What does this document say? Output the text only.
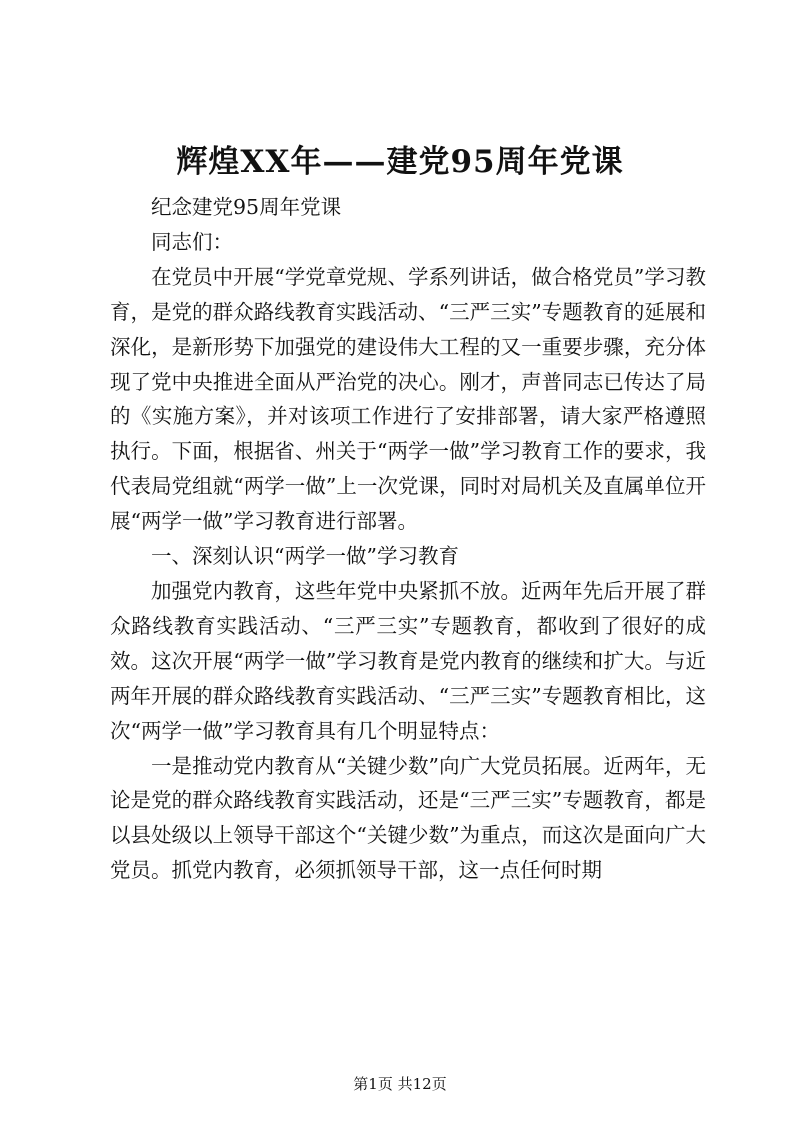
辉煌XX年——建党95周年党课

纪念建党95周年党课

同志们：

在党员中开展“学党章党规、学系列讲话，做合格党员”学习教育，是党的群众路线教育实践活动、“三严三实”专题教育的延展和深化，是新形势下加强党的建设伟大工程的又一重要步骤，充分体现了党中央推进全面从严治党的决心。刚才，声普同志已传达了局的《实施方案》，并对该项工作进行了安排部署，请大家严格遵照执行。下面，根据省、州关于“两学一做”学习教育工作的要求，我代表局党组就“两学一做”上一次党课，同时对局机关及直属单位开展“两学一做”学习教育进行部署。

一、深刻认识“两学一做”学习教育

加强党内教育，这些年党中央紧抓不放。近两年先后开展了群众路线教育实践活动、“三严三实”专题教育，都收到了很好的成效。这次开展“两学一做”学习教育是党内教育的继续和扩大。与近两年开展的群众路线教育实践活动、“三严三实”专题教育相比，这次“两学一做”学习教育具有几个明显特点：

一是推动党内教育从“关键少数”向广大党员拓展。近两年，无论是党的群众路线教育实践活动，还是“三严三实”专题教育，都是以县处级以上领导干部这个“关键少数”为重点，而这次是面向广大党员。抓党内教育，必须抓领导干部，这一点任何时期

第1页 共12页
